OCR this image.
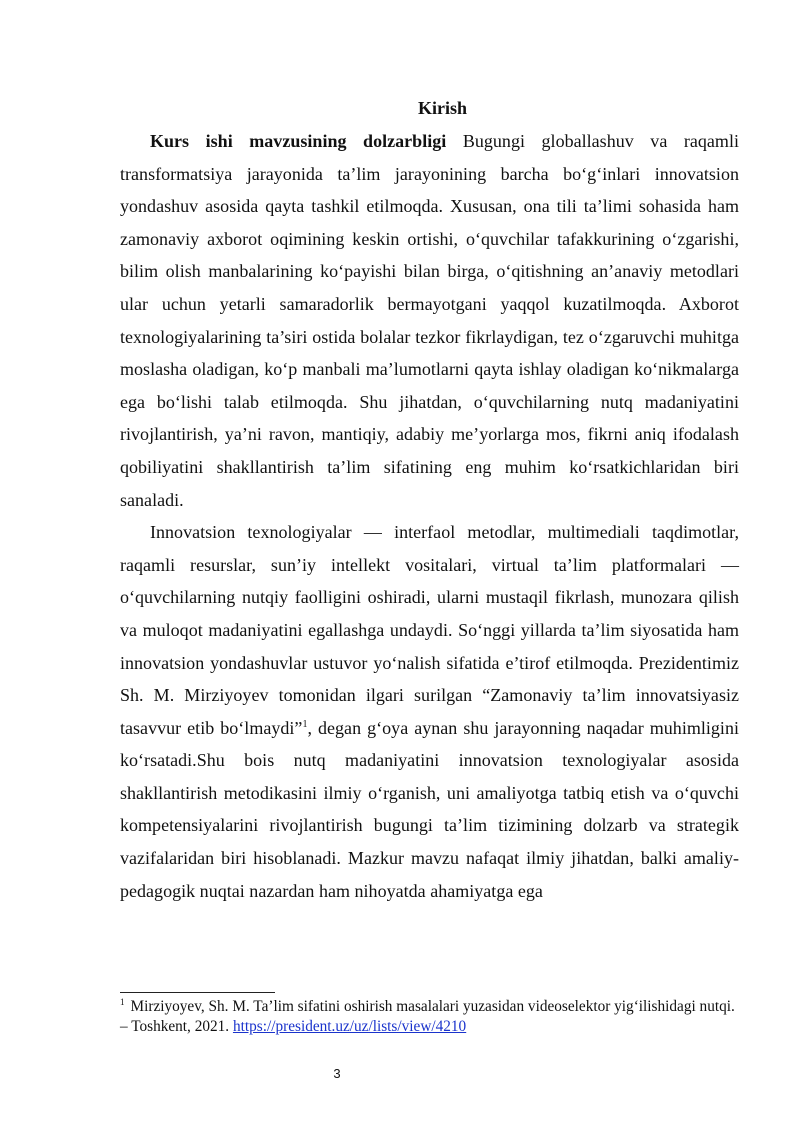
Kirish

Kurs ishi mavzusining dolzarbligi Bugungi globallashuv va raqamli transformatsiya jarayonida ta’lim jarayonining barcha bo‘g‘inlari innovatsion yondashuv asosida qayta tashkil etilmoqda. Xususan, ona tili ta’limi sohasida ham zamonaviy axborot oqimining keskin ortishi, o‘quvchilar tafakkurining o‘zgarishi, bilim olish manbalarining ko‘payishi bilan birga, o‘qitishning an’anaviy metodlari ular uchun yetarli samaradorlik bermayotgani yaqqol kuzatilmoqda. Axborot texnologiyalarining ta’siri ostida bolalar tezkor fikrlaydigan, tez o‘zgaruvchi muhitga moslasha oladigan, ko‘p manbali ma’lumotlarni qayta ishlay oladigan ko‘nikmalarga ega bo‘lishi talab etilmoqda. Shu jihatdan, o‘quvchilarning nutq madaniyatini rivojlantirish, ya’ni ravon, mantiqiy, adabiy me’yorlarga mos, fikrni aniq ifodalash qobiliyatini shakllantirish ta’lim sifatining eng muhim ko‘rsatkichlaridan biri sanaladi.

Innovatsion texnologiyalar — interfaol metodlar, multimediali taqdimotlar, raqamli resurslar, sun’iy intellekt vositalari, virtual ta’lim platformalari — o‘quvchilarning nutqiy faolligini oshiradi, ularni mustaqil fikrlash, munozara qilish va muloqot madaniyatini egallashga undaydi. So‘nggi yillarda ta’lim siyosatida ham innovatsion yondashuvlar ustuvor yo‘nalish sifatida e’tirof etilmoqda. Prezidentimiz Sh. M. Mirziyoyev tomonidan ilgari surilgan “Zamonaviy ta’lim innovatsiyasiz tasavvur etib bo‘lmaydi”$^1$, degan g‘oya aynan shu jarayonning naqadar muhimligini ko‘rsatadi.Shu bois nutq madaniyatini innovatsion texnologiyalar asosida shakllantirish metodikasini ilmiy o‘rganish, uni amaliyotga tatbiq etish va o‘quvchi kompetensiyalarini rivojlantirish bugungi ta’lim tizimining dolzarb va strategik vazifalaridan biri hisoblanadi. Mazkur mavzu nafaqat ilmiy jihatdan, balki amaliy-pedagogik nuqtai nazardan ham nihoyatda ahamiyatga ega

$^1$ Mirziyoyev, Sh. M. Ta’lim sifatini oshirish masalalari yuzasidan videoselektor yig‘ilishidagi nutqi. – Toshkent, 2021. https://president.uz/uz/lists/view/4210

3
